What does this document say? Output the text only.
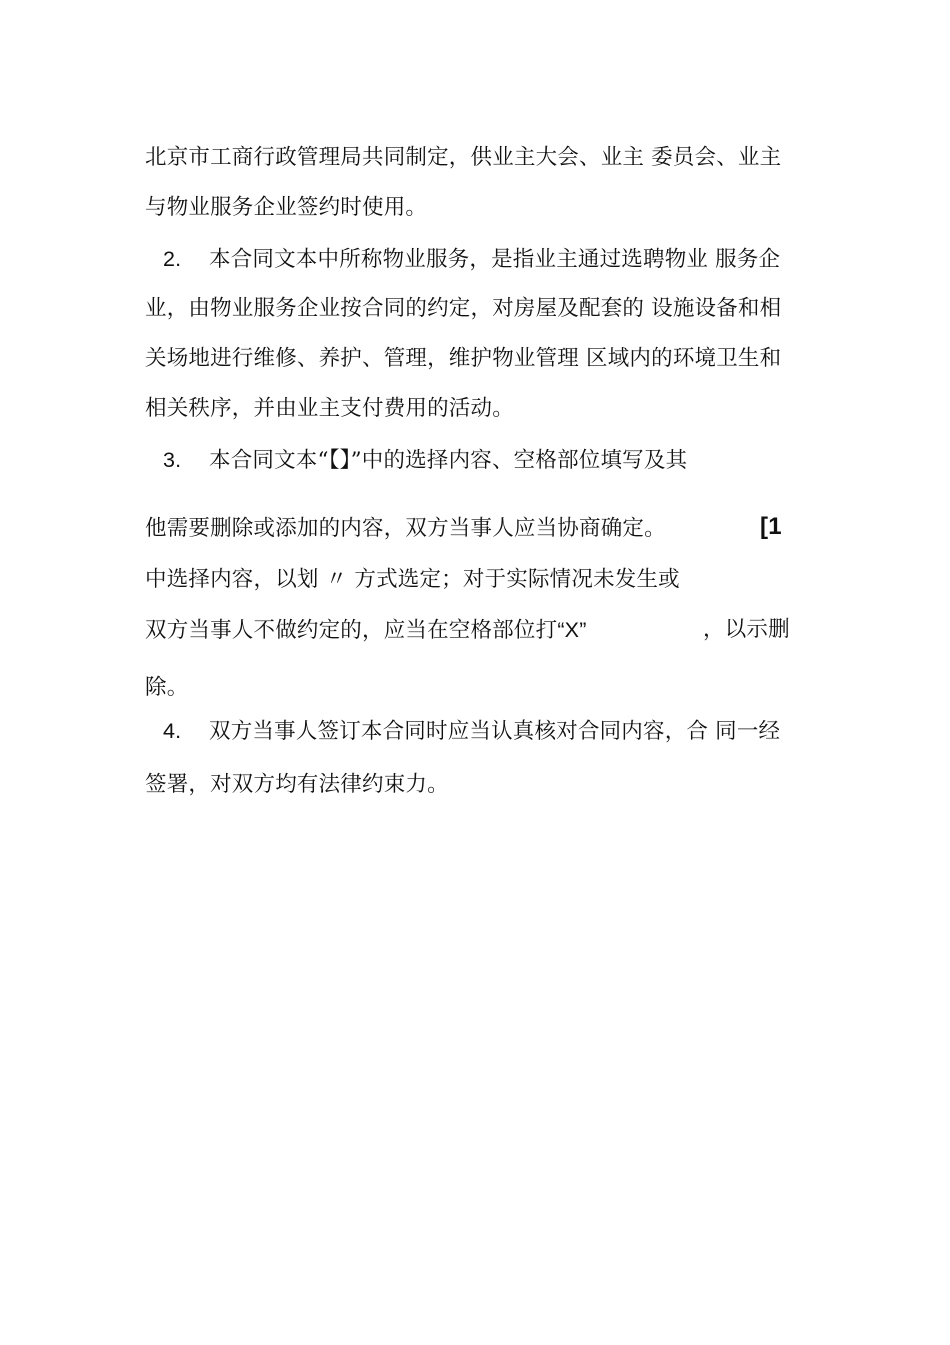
北京市工商行政管理局共同制定，供业主大会、业主 委员会、业主
与物业服务企业签约时使用。
2. 本合同文本中所称物业服务，是指业主通过选聘物业 服务企
业，由物业服务企业按合同的约定，对房屋及配套的 设施设备和相
关场地进行维修、养护、管理，维护物业管理 区域内的环境卫生和
相关秩序，并由业主支付费用的活动。
3. 本合同文本“【】”中的选择内容、空格部位填写及其
他需要删除或添加的内容，双方当事人应当协商确定。	[1
中选择内容，以划 〃 方式选定；对于实际情况未发生或
双方当事人不做约定的，应当在空格部位打“X”	，以示删
除。
4. 双方当事人签订本合同时应当认真核对合同内容，合 同一经
签署，对双方均有法律约束力。
